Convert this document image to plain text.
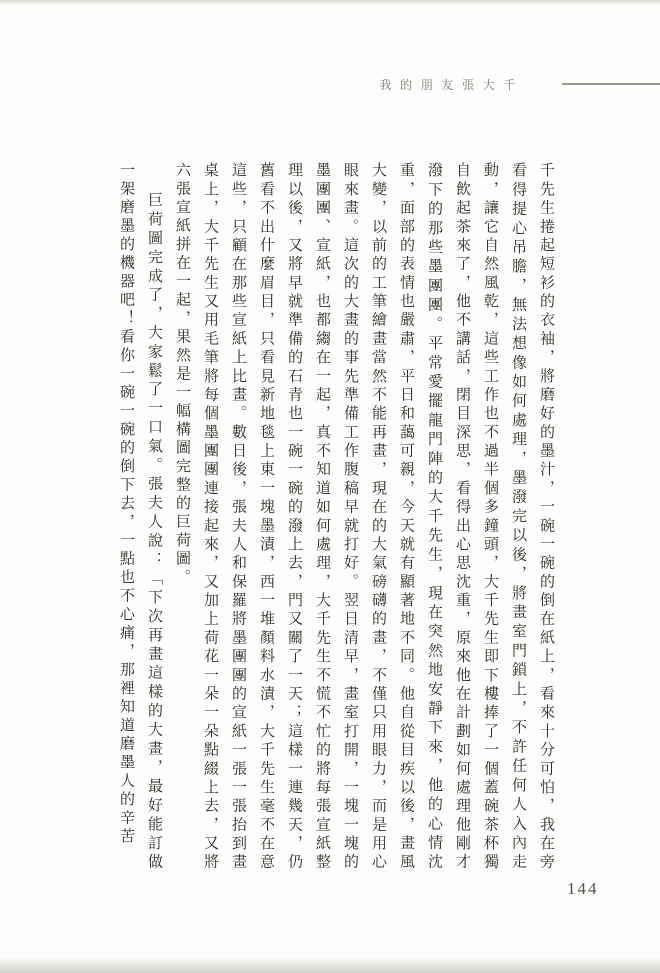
我的朋友張大千

千先生捲起短衫的衣袖，將磨好的墨汁，一碗一碗的倒在紙上，看來十分可怕，我在旁看得提心吊膽，無法想像如何處理，墨潑完以後，將畫室門鎖上，不許任何人入內走動，讓它自然風乾，這些工作也不過半個多鐘頭，大千先生即下樓捧了一個蓋碗茶杯獨自飲起茶來了，他不講話，閉目深思，看得出心思沈重，原來他在計劃如何處理他剛才潑下的那些墨團團。平常愛擺龍門陣的大千先生，現在突然地安靜下來，他的心情沈重，面部的表情也嚴肅，平日和藹可親，今天就有顯著地不同。他自從目疾以後，畫風大變，以前的工筆繪畫當然不能再畫，現在的大氣磅礴的畫，不僅只用眼力，而是用心眼來畫。這次的大畫的事先準備工作腹稿早就打好。翌日清早，畫室打開，一塊一塊的墨團團、宣紙，也都縐在一起，真不知道如何處理，大千先生不慌不忙的將每張宣紙整理以後，又將早就準備的石青也一碗一碗的潑上去，門又關了一天；這樣一連幾天，仍舊看不出什麼眉目，只看見新地毯上東一塊墨漬，西一堆顏料水漬，大千先生毫不在意這些，只顧在那些宣紙上比畫。數日後，張夫人和保羅將墨團團的宣紙一張一張抬到畫桌上，大千先生又用毛筆將每個墨團團連接起來，又加上荷花一朵一朵點綴上去，又將六張宣紙拼在一起，果然是一幅構圖完整的巨荷圖。

巨荷圖完成了，大家鬆了一口氣。張夫人說：「下次再畫這樣的大畫，最好能訂做一架磨墨的機器吧！看你一碗一碗的倒下去，一點也不心痛，那裡知道磨墨人的辛苦

144
